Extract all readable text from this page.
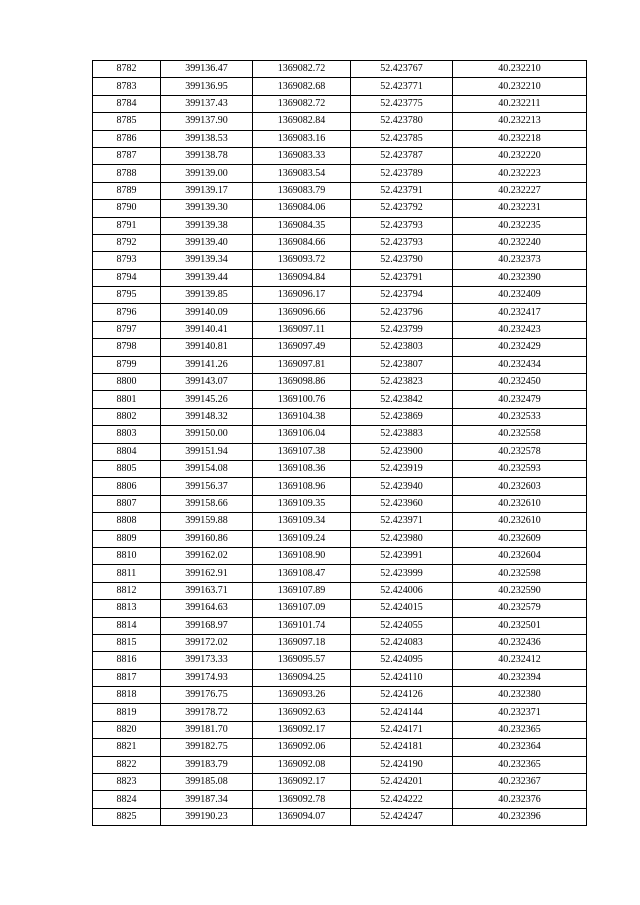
8782	399136.47	1369082.72	52.423767	40.232210
8783	399136.95	1369082.68	52.423771	40.232210
8784	399137.43	1369082.72	52.423775	40.232211
8785	399137.90	1369082.84	52.423780	40.232213
8786	399138.53	1369083.16	52.423785	40.232218
8787	399138.78	1369083.33	52.423787	40.232220
8788	399139.00	1369083.54	52.423789	40.232223
8789	399139.17	1369083.79	52.423791	40.232227
8790	399139.30	1369084.06	52.423792	40.232231
8791	399139.38	1369084.35	52.423793	40.232235
8792	399139.40	1369084.66	52.423793	40.232240
8793	399139.34	1369093.72	52.423790	40.232373
8794	399139.44	1369094.84	52.423791	40.232390
8795	399139.85	1369096.17	52.423794	40.232409
8796	399140.09	1369096.66	52.423796	40.232417
8797	399140.41	1369097.11	52.423799	40.232423
8798	399140.81	1369097.49	52.423803	40.232429
8799	399141.26	1369097.81	52.423807	40.232434
8800	399143.07	1369098.86	52.423823	40.232450
8801	399145.26	1369100.76	52.423842	40.232479
8802	399148.32	1369104.38	52.423869	40.232533
8803	399150.00	1369106.04	52.423883	40.232558
8804	399151.94	1369107.38	52.423900	40.232578
8805	399154.08	1369108.36	52.423919	40.232593
8806	399156.37	1369108.96	52.423940	40.232603
8807	399158.66	1369109.35	52.423960	40.232610
8808	399159.88	1369109.34	52.423971	40.232610
8809	399160.86	1369109.24	52.423980	40.232609
8810	399162.02	1369108.90	52.423991	40.232604
8811	399162.91	1369108.47	52.423999	40.232598
8812	399163.71	1369107.89	52.424006	40.232590
8813	399164.63	1369107.09	52.424015	40.232579
8814	399168.97	1369101.74	52.424055	40.232501
8815	399172.02	1369097.18	52.424083	40.232436
8816	399173.33	1369095.57	52.424095	40.232412
8817	399174.93	1369094.25	52.424110	40.232394
8818	399176.75	1369093.26	52.424126	40.232380
8819	399178.72	1369092.63	52.424144	40.232371
8820	399181.70	1369092.17	52.424171	40.232365
8821	399182.75	1369092.06	52.424181	40.232364
8822	399183.79	1369092.08	52.424190	40.232365
8823	399185.08	1369092.17	52.424201	40.232367
8824	399187.34	1369092.78	52.424222	40.232376
8825	399190.23	1369094.07	52.424247	40.232396
